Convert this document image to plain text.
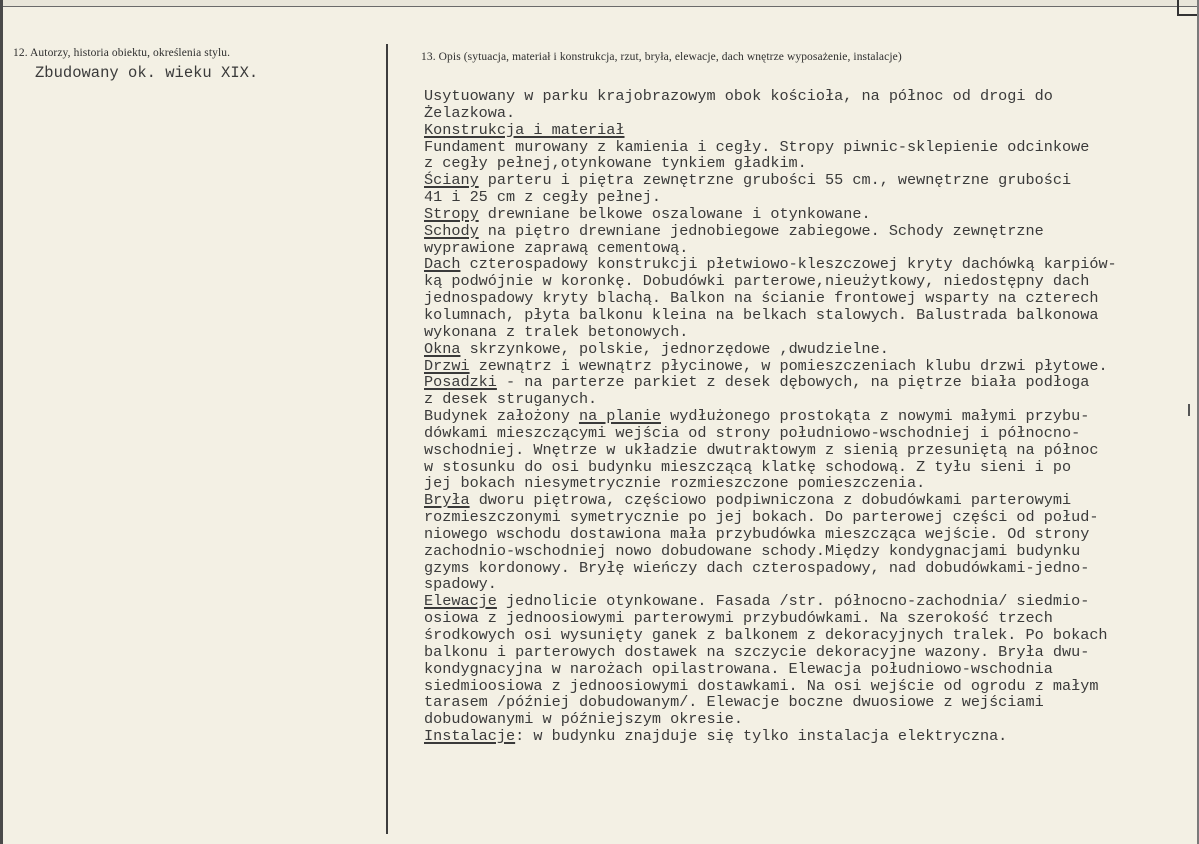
12. Autorzy, historia obiektu, określenia stylu.
Zbudowany ok. wieku XIX.
13. Opis (sytuacja, materiał i konstrukcja, rzut, bryła, elewacje, dach wnętrze wyposażenie, instalacje)
Usytuowany w parku krajobrazowym obok kościoła, na północ od drogi do
Żelazkowa.
Konstrukcja i materiał
Fundament murowany z kamienia i cegły. Stropy piwnic-sklepienie odcinkowe
z cegły pełnej,otynkowane tynkiem gładkim.
Ściany parteru i piętra zewnętrzne grubości 55 cm., wewnętrzne grubości
41 i 25 cm z cegły pełnej.
Stropy drewniane belkowe oszalowane i otynkowane.
Schody na piętro drewniane jednobiegowe zabiegowe. Schody zewnętrzne
wyprawione zaprawą cementową.
Dach czterospadowy konstrukcji płetwiowo-kleszczowej kryty dachówką karpiów-
ką podwójnie w koronkę. Dobudówki parterowe,nieużytkowy, niedostępny dach
jednospadowy kryty blachą. Balkon na ścianie frontowej wsparty na czterech
kolumnach, płyta balkonu kleina na belkach stalowych. Balustrada balkonowa
wykonana z tralek betonowych.
Okna skrzynkowe, polskie, jednorzędowe ,dwudzielne.
Drzwi zewnątrz i wewnątrz płycinowe, w pomieszczeniach klubu drzwi płytowe.
Posadzki - na parterze parkiet z desek dębowych, na piętrze biała podłoga
z desek struganych.
Budynek założony na planie wydłużonego prostokąta z nowymi małymi przybu-
dówkami mieszczącymi wejścia od strony południowo-wschodniej i północno-
wschodniej. Wnętrze w układzie dwutraktowym z sienią przesuniętą na północ
w stosunku do osi budynku mieszczącą klatkę schodową. Z tyłu sieni i po
jej bokach niesymetrycznie rozmieszczone pomieszczenia.
Bryła dworu piętrowa, częściowo podpiwniczona z dobudówkami parterowymi
rozmieszczonymi symetrycznie po jej bokach. Do parterowej części od połud-
niowego wschodu dostawiona mała przybudówka mieszcząca wejście. Od strony
zachodnio-wschodniej nowo dobudowane schody.Między kondygnacjami budynku
gzyms kordonowy. Bryłę wieńczy dach czterospadowy, nad dobudówkami-jedno-
spadowy.
Elewacje jednolicie otynkowane. Fasada /str. północno-zachodnia/ siedmio-
osiowa z jednoosiowymi parterowymi przybudówkami. Na szerokość trzech
środkowych osi wysunięty ganek z balkonem z dekoracyjnych tralek. Po bokach
balkonu i parterowych dostawek na szczycie dekoracyjne wazony. Bryła dwu-
kondygnacyjna w narożach opilastrowana. Elewacja południowo-wschodnia
siedmioosiowa z jednoosiowymi dostawkami. Na osi wejście od ogrodu z małym
tarasem /później dobudowanym/. Elewacje boczne dwuosiowe z wejściami
dobudowanymi w późniejszym okresie.
Instalacje: w budynku znajduje się tylko instalacja elektryczna.
